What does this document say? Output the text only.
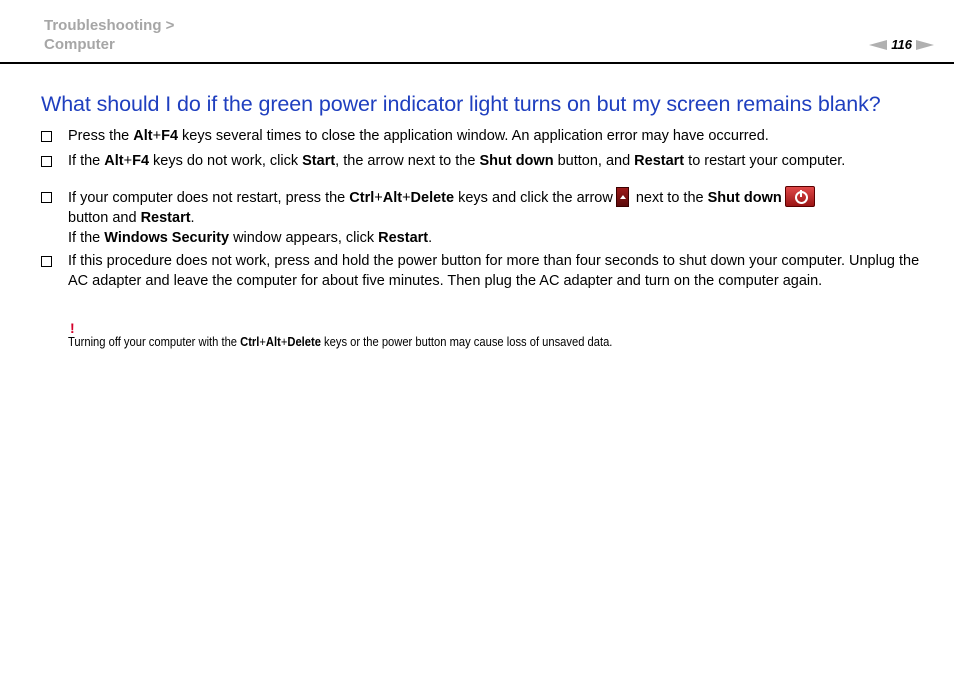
Troubleshooting >
Computer	116
What should I do if the green power indicator light turns on but my screen remains blank?
Press the Alt+F4 keys several times to close the application window. An application error may have occurred.
If the Alt+F4 keys do not work, click Start, the arrow next to the Shut down button, and Restart to restart your computer.
If your computer does not restart, press the Ctrl+Alt+Delete keys and click the arrow next to the Shut down
button and Restart.
If the Windows Security window appears, click Restart.
If this procedure does not work, press and hold the power button for more than four seconds to shut down your computer. Unplug the AC adapter and leave the computer for about five minutes. Then plug the AC adapter and turn on the computer again.
!
Turning off your computer with the Ctrl+Alt+Delete keys or the power button may cause loss of unsaved data.
